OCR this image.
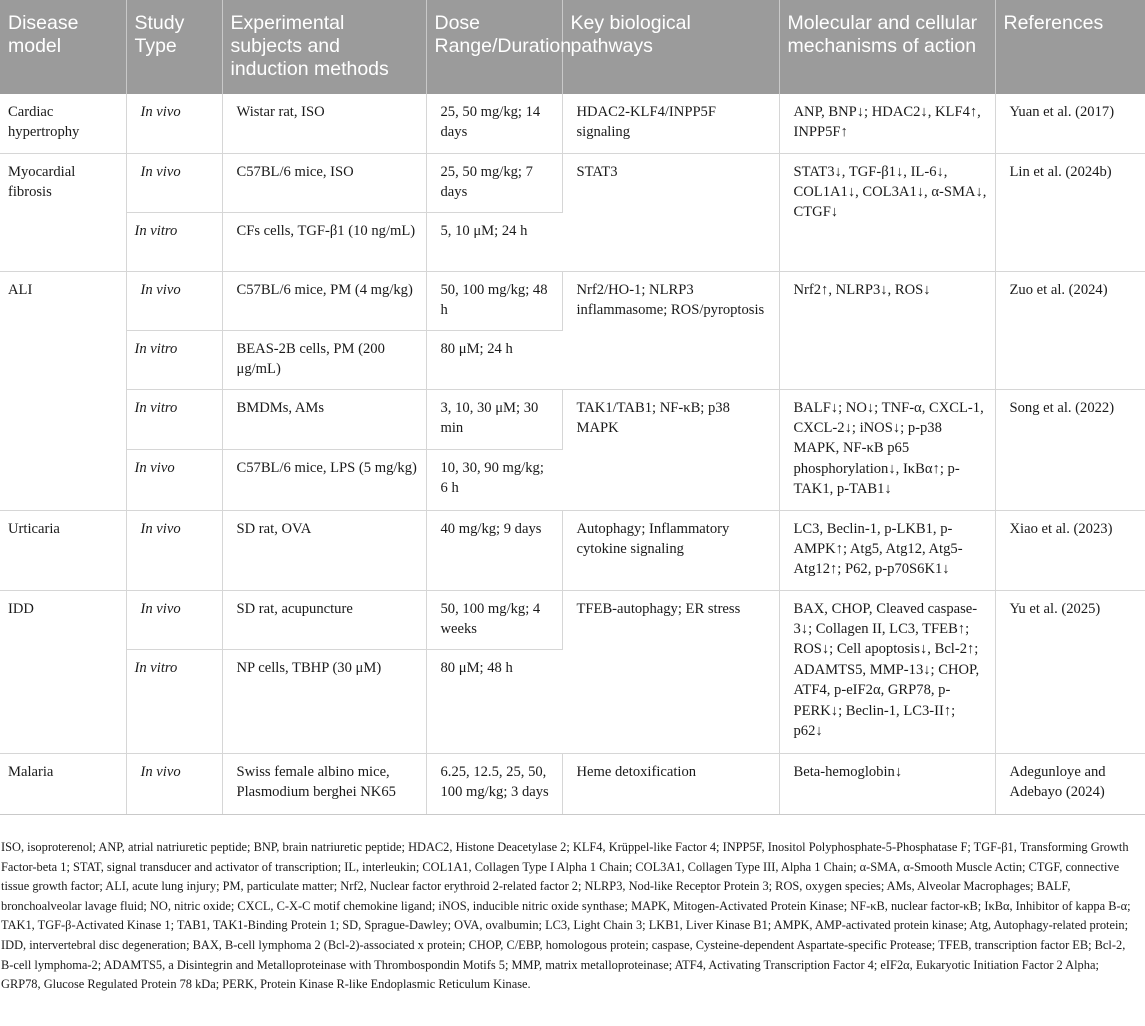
Disease model	Study Type	Experimental subjects and induction methods	Dose Range/Duration	Key biological pathways	Molecular and cellular mechanisms of action	References
Cardiac hypertrophy	In vivo	Wistar rat, ISO	25, 50 mg/kg; 14 days	HDAC2-KLF4/INPP5F signaling	ANP, BNP↓; HDAC2↓, KLF4↑, INPP5F↑	Yuan et al. (2017)
Myocardial fibrosis	In vivo	C57BL/6 mice, ISO	25, 50 mg/kg; 7 days	STAT3	STAT3↓, TGF-β1↓, IL-6↓, COL1A1↓, COL3A1↓, α-SMA↓, CTGF↓	Lin et al. (2024b)
	In vitro	CFs cells, TGF-β1 (10 ng/mL)	5, 10 μM; 24 h			
ALI	In vivo	C57BL/6 mice, PM (4 mg/kg)	50, 100 mg/kg; 48 h	Nrf2/HO-1; NLRP3 inflammasome; ROS/pyroptosis	Nrf2↑, NLRP3↓, ROS↓	Zuo et al. (2024)
	In vitro	BEAS-2B cells, PM (200 μg/mL)	80 μM; 24 h			
	In vitro	BMDMs, AMs	3, 10, 30 μM; 30 min	TAK1/TAB1; NF-κB; p38 MAPK	BALF↓; NO↓; TNF-α, CXCL-1, CXCL-2↓; iNOS↓; p-p38 MAPK, NF-κB p65 phosphorylation↓, IκBα↑; p-TAK1, p-TAB1↓	Song et al. (2022)
	In vivo	C57BL/6 mice, LPS (5 mg/kg)	10, 30, 90 mg/kg; 6 h			
Urticaria	In vivo	SD rat, OVA	40 mg/kg; 9 days	Autophagy; Inflammatory cytokine signaling	LC3, Beclin-1, p-LKB1, p-AMPK↑; Atg5, Atg12, Atg5-Atg12↑; P62, p-p70S6K1↓	Xiao et al. (2023)
IDD	In vivo	SD rat, acupuncture	50, 100 mg/kg; 4 weeks	TFEB-autophagy; ER stress	BAX, CHOP, Cleaved caspase-3↓; Collagen II, LC3, TFEB↑; ROS↓; Cell apoptosis↓, Bcl-2↑; ADAMTS5, MMP-13↓; CHOP, ATF4, p-eIF2α, GRP78, p-PERK↓; Beclin-1, LC3-II↑; p62↓	Yu et al. (2025)
	In vitro	NP cells, TBHP (30 μM)	80 μM; 48 h			
Malaria	In vivo	Swiss female albino mice, Plasmodium berghei NK65	6.25, 12.5, 25, 50, 100 mg/kg; 3 days	Heme detoxification	Beta-hemoglobin↓	Adegunloye and Adebayo (2024)
ISO, isoproterenol; ANP, atrial natriuretic peptide; BNP, brain natriuretic peptide; HDAC2, Histone Deacetylase 2; KLF4, Krüppel-like Factor 4; INPP5F, Inositol Polyphosphate-5-Phosphatase F; TGF-β1, Transforming Growth Factor-beta 1; STAT, signal transducer and activator of transcription; IL, interleukin; COL1A1, Collagen Type I Alpha 1 Chain; COL3A1, Collagen Type III, Alpha 1 Chain; α-SMA, α-Smooth Muscle Actin; CTGF, connective tissue growth factor; ALI, acute lung injury; PM, particulate matter; Nrf2, Nuclear factor erythroid 2-related factor 2; NLRP3, Nod-like Receptor Protein 3; ROS, oxygen species; AMs, Alveolar Macrophages; BALF, bronchoalveolar lavage fluid; NO, nitric oxide; CXCL, C-X-C motif chemokine ligand; iNOS, inducible nitric oxide synthase; MAPK, Mitogen-Activated Protein Kinase; NF-κB, nuclear factor-κB; IκBα, Inhibitor of kappa B-α; TAK1, TGF-β-Activated Kinase 1; TAB1, TAK1-Binding Protein 1; SD, Sprague-Dawley; OVA, ovalbumin; LC3, Light Chain 3; LKB1, Liver Kinase B1; AMPK, AMP-activated protein kinase; Atg, Autophagy-related protein; IDD, intervertebral disc degeneration; BAX, B-cell lymphoma 2 (Bcl-2)-associated x protein; CHOP, C/EBP, homologous protein; caspase, Cysteine-dependent Aspartate-specific Protease; TFEB, transcription factor EB; Bcl-2, B-cell lymphoma-2; ADAMTS5, a Disintegrin and Metalloproteinase with Thrombospondin Motifs 5; MMP, matrix metalloproteinase; ATF4, Activating Transcription Factor 4; eIF2α, Eukaryotic Initiation Factor 2 Alpha; GRP78, Glucose Regulated Protein 78 kDa; PERK, Protein Kinase R-like Endoplasmic Reticulum Kinase.
